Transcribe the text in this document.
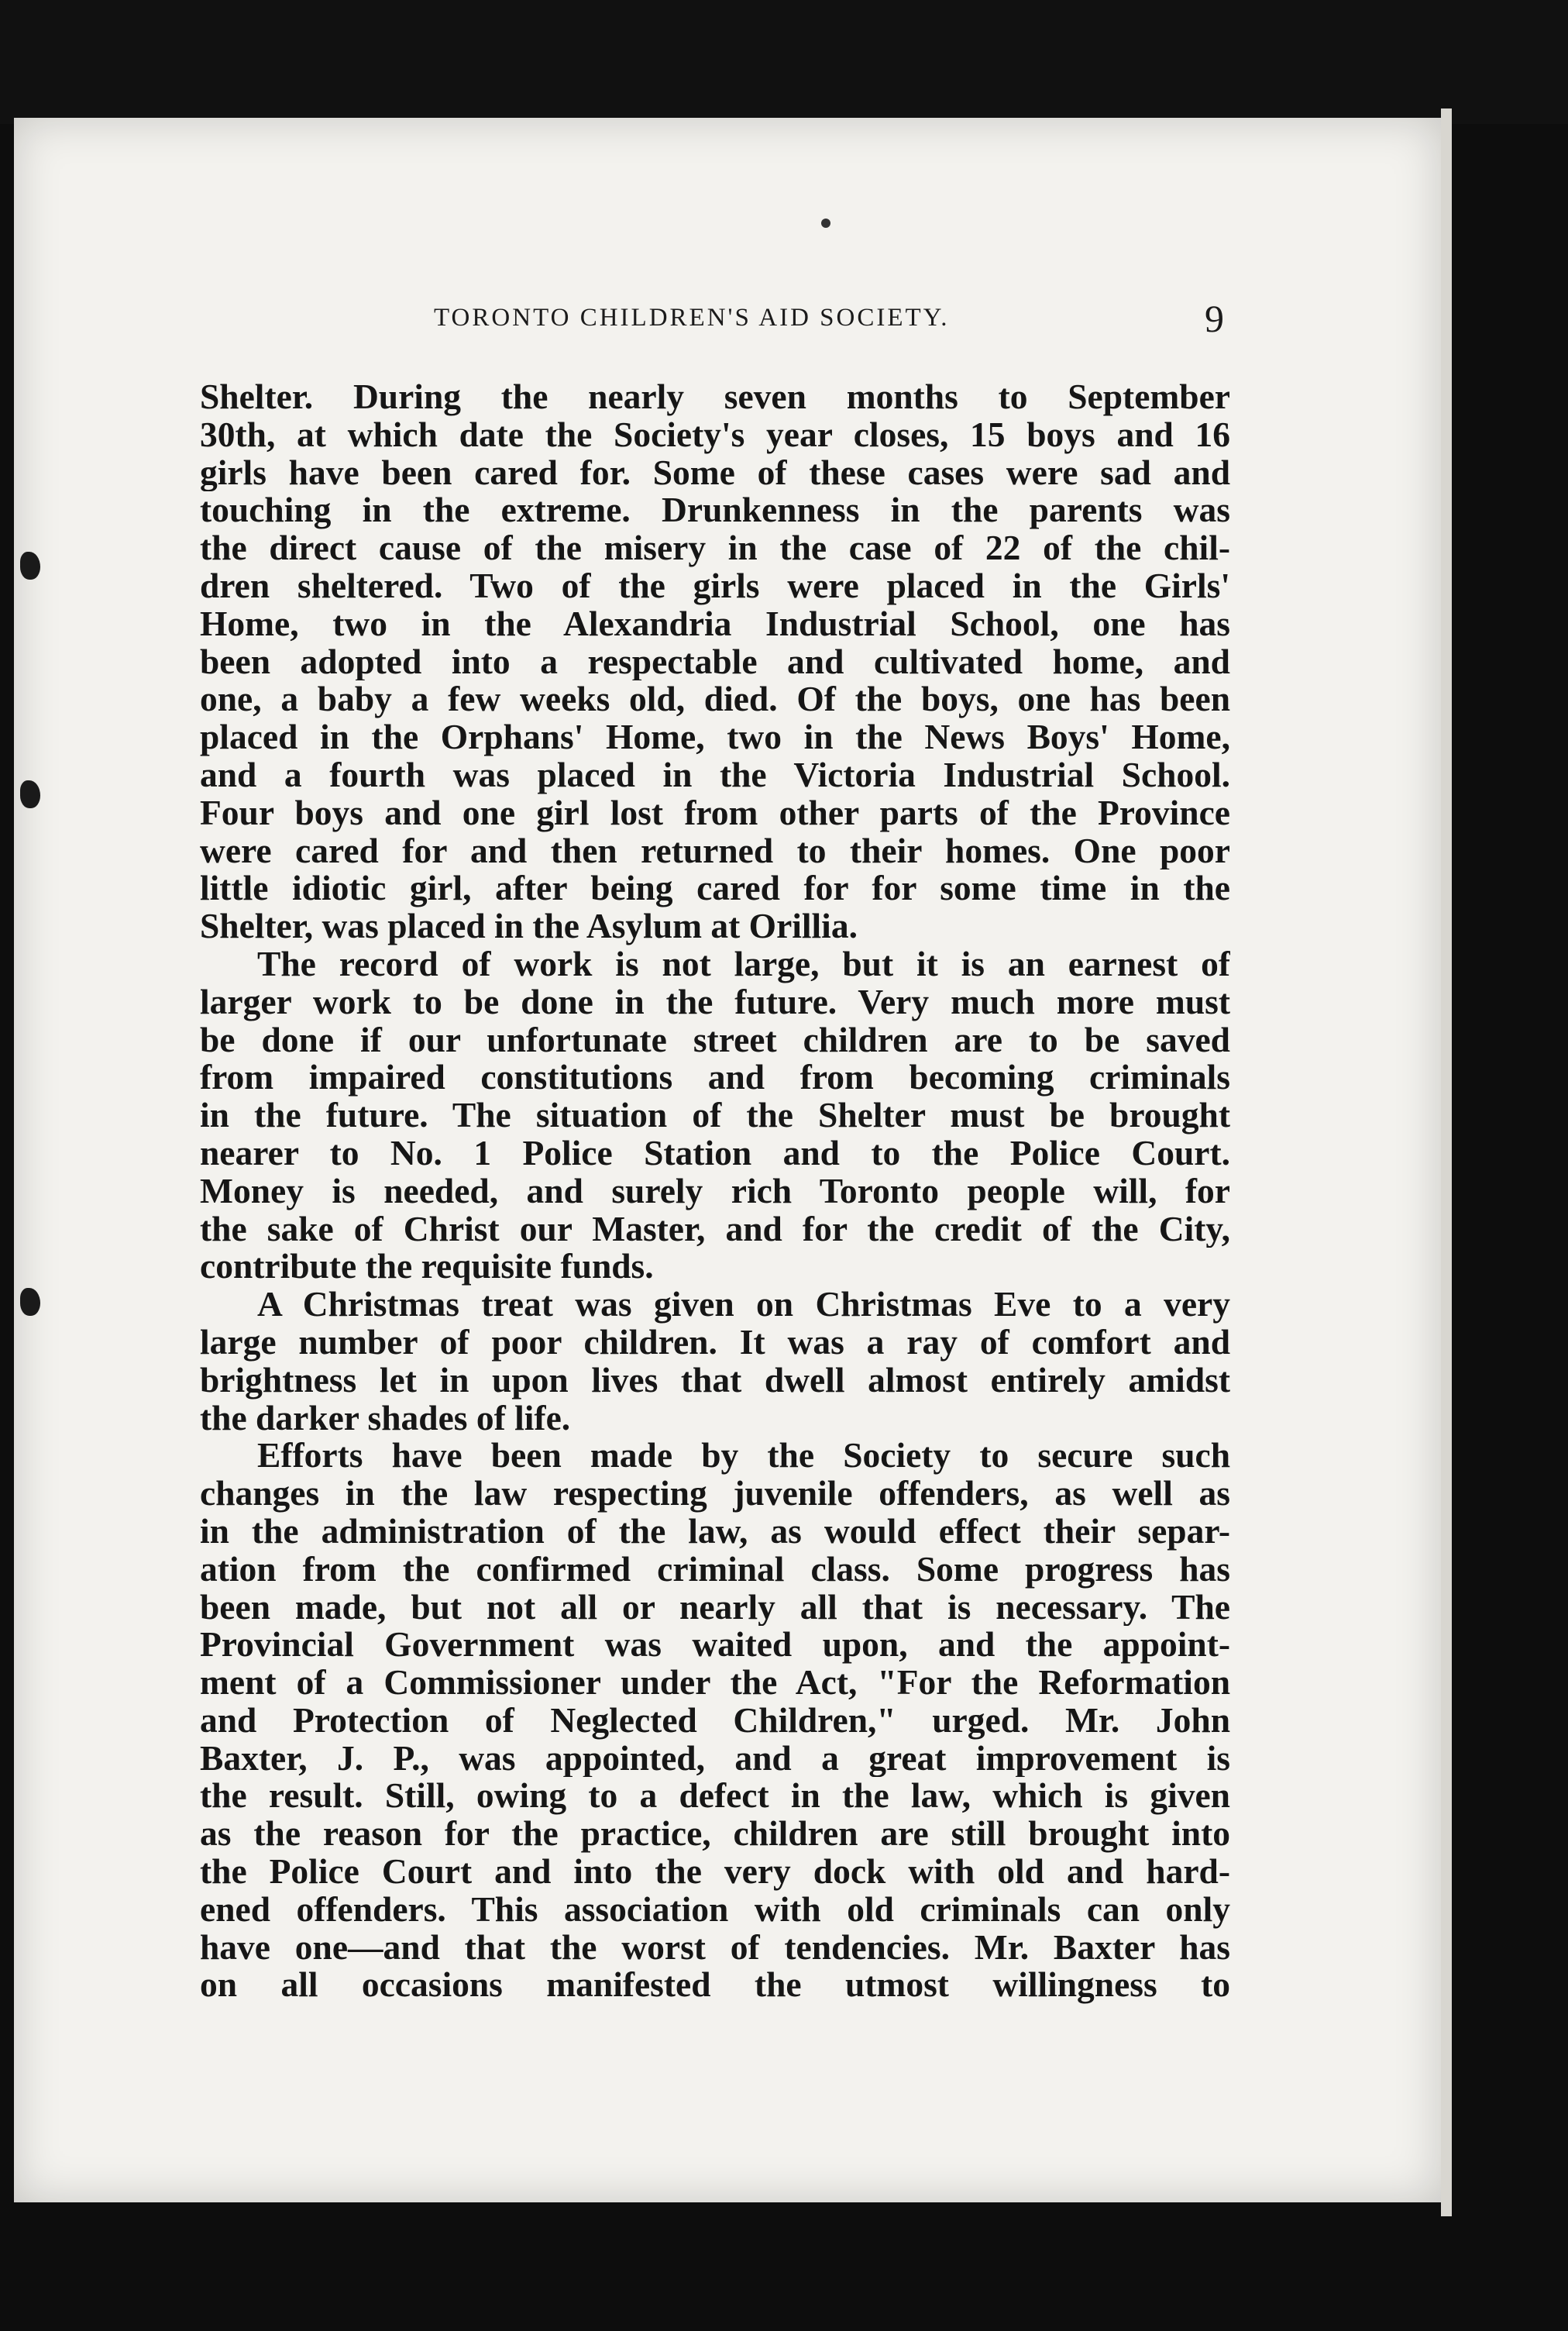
TORONTO CHILDREN'S AID SOCIETY.	9
Shelter. During the nearly seven months to September
30th, at which date the Society's year closes, 15 boys and 16
girls have been cared for. Some of these cases were sad and
touching in the extreme. Drunkenness in the parents was
the direct cause of the misery in the case of 22 of the chil-
dren sheltered. Two of the girls were placed in the Girls'
Home, two in the Alexandria Industrial School, one has
been adopted into a respectable and cultivated home, and
one, a baby a few weeks old, died. Of the boys, one has been
placed in the Orphans' Home, two in the News Boys' Home,
and a fourth was placed in the Victoria Industrial School.
Four boys and one girl lost from other parts of the Province
were cared for and then returned to their homes. One poor
little idiotic girl, after being cared for for some time in the
Shelter, was placed in the Asylum at Orillia.
The record of work is not large, but it is an earnest of
larger work to be done in the future. Very much more must
be done if our unfortunate street children are to be saved
from impaired constitutions and from becoming criminals
in the future. The situation of the Shelter must be brought
nearer to No. 1 Police Station and to the Police Court.
Money is needed, and surely rich Toronto people will, for
the sake of Christ our Master, and for the credit of the City,
contribute the requisite funds.
A Christmas treat was given on Christmas Eve to a very
large number of poor children. It was a ray of comfort and
brightness let in upon lives that dwell almost entirely amidst
the darker shades of life.
Efforts have been made by the Society to secure such
changes in the law respecting juvenile offenders, as well as
in the administration of the law, as would effect their separ-
ation from the confirmed criminal class. Some progress has
been made, but not all or nearly all that is necessary. The
Provincial Government was waited upon, and the appoint-
ment of a Commissioner under the Act, "For the Reformation
and Protection of Neglected Children," urged. Mr. John
Baxter, J. P., was appointed, and a great improvement is
the result. Still, owing to a defect in the law, which is given
as the reason for the practice, children are still brought into
the Police Court and into the very dock with old and hard-
ened offenders. This association with old criminals can only
have one—and that the worst of tendencies. Mr. Baxter has
on all occasions manifested the utmost willingness to
